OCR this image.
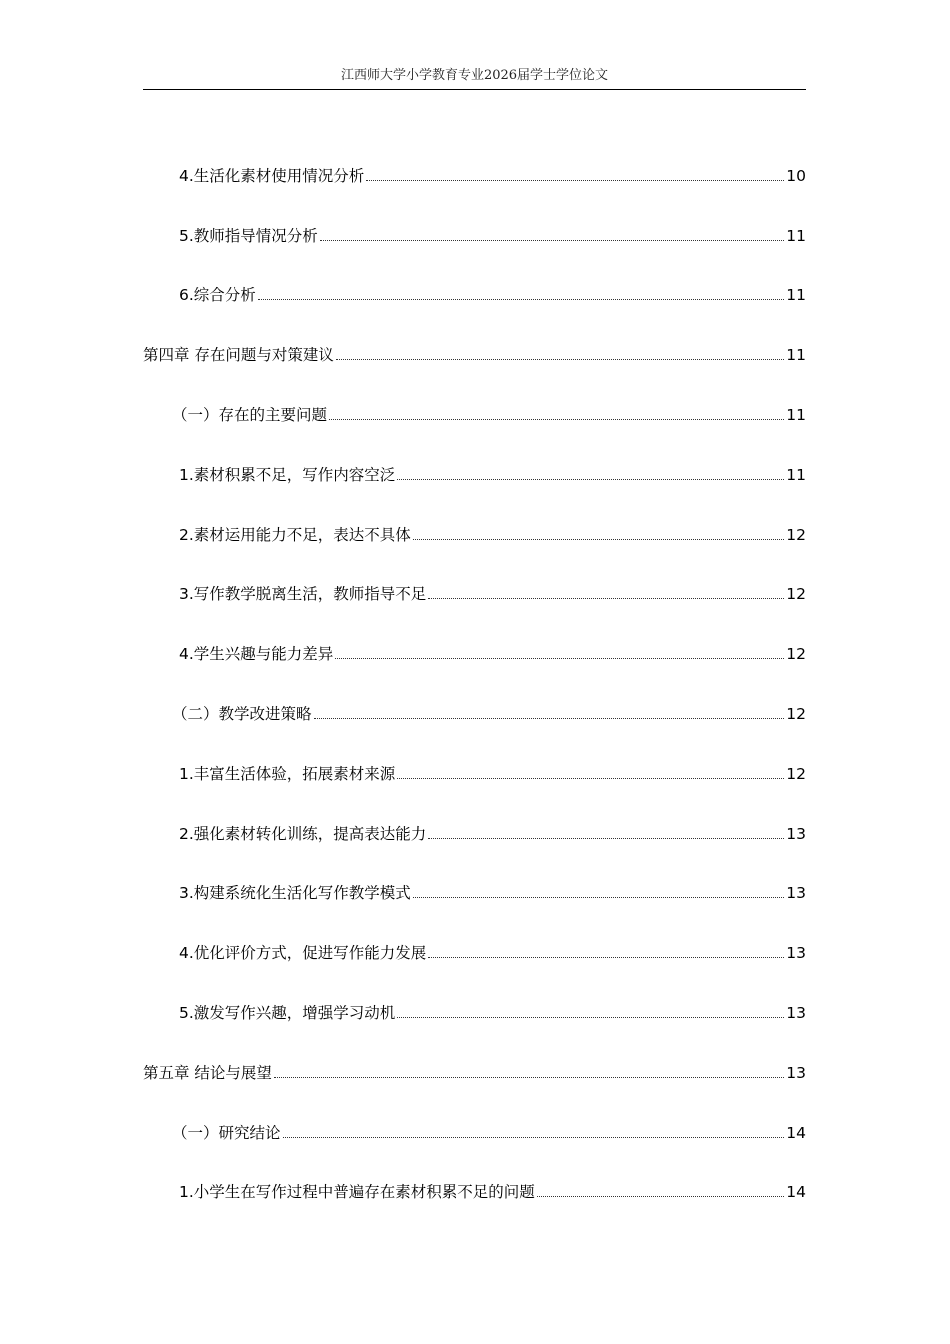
江西师大学小学教育专业2026届学士学位论文
4.生活化素材使用情况分析	10
5.教师指导情况分析	11
6.综合分析	11
第四章 存在问题与对策建议	11
（一）存在的主要问题	11
1.素材积累不足，写作内容空泛	11
2.素材运用能力不足，表达不具体	12
3.写作教学脱离生活，教师指导不足	12
4.学生兴趣与能力差异	12
（二）教学改进策略	12
1.丰富生活体验，拓展素材来源	12
2.强化素材转化训练，提高表达能力	13
3.构建系统化生活化写作教学模式	13
4.优化评价方式，促进写作能力发展	13
5.激发写作兴趣，增强学习动机	13
第五章 结论与展望	13
（一）研究结论	14
1.小学生在写作过程中普遍存在素材积累不足的问题	14
